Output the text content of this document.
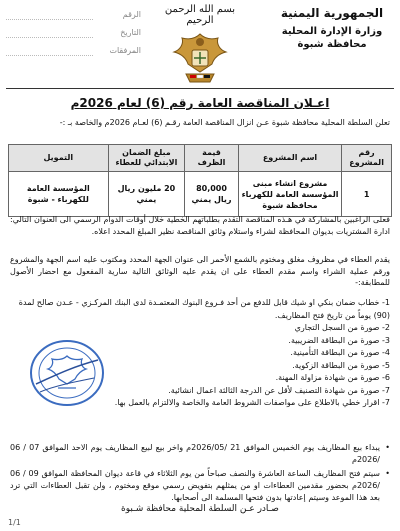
الجمهورية اليمنية
وزارة الإدارة المحلية
محافظة شبوة
بسم الله الرحمن الرحيم
الرقم
التاريخ
المرفقات
اعـلان المناقصة العامة رقم (6) لعام 2026م
تعلن السلطة المحلية محافظة شبوة عـن انزال المناقصة العامة رقـم (6) لعـام 2026م والخاصة بـ :-
رقم المشروع	اسم المشروع	قيمة الظرف	مبلغ الضمان الابتدائي للعطاء	التمويل
1	مشروع انشاء مبنى المؤسسة العامة للكهرباء محافظة شبوة	80,000 ريال يمني	20 مليون ريال يمني	المؤسسة العامة للكهرباء - شبوة
فعلى الراغبين بالمشاركة في هـذه المناقصة التقدم بطلباتهم الخطية خلال أوقات الدوام الرسمي الى العنوان التالي: ادارة المشتريات بديوان المحافظة لشراء واستلام وثائق المناقصة نظير المبلغ المحدد اعلاه.
يقدم العطاء في مظروف مغلق ومختوم بالشمع الأحمر الى عنوان الجهة المحدد ومكتوب عليه اسم الجهة والمشروع ورقم عملية الشراء واسم مقدم العطاء على ان يقدم عليه الوثائق التالية سارية المفعول مع احضار الأصول للمطابقة:-
1- خطاب ضمان بنكي او شيك قابل للدفع من أحد فـروع البنوك المعتمـدة لدى البنك المركـزي - عـدن صالح لمدة (90) يوماً من تاريخ فتح المظاريف.
2- صورة من السجل التجاري
3- صورة من البطاقة الضريبية.
4- صورة من البطاقة التأمينية.
5- صورة من البطاقة الزكوية.
6- صورة من شهادة مزاولة المهنة.
7- صورة من شهادة التصنيف لأقل عن الدرجة الثالثة اعمال انشائية.
7- اقرار خطي بالاطلاع على مواصفات الشروط العامة والخاصة والالتزام بالعمل بها.
• يبداء بيع المظاريف يوم الخميس الموافق 21 /2026/05م واخر بيع لبيع المظاريف يوم الاحد الموافق 07 / 06 /2026م
• سيتم فتح المظاريف الساعة العاشرة والنصف صباحاً من يوم الثلاثاء في قاعة ديوان المحافظة الموافق 09 / 06 /2026م بحضور مقدمين العطاءات او من يمثلهم بتفويض رسمي موقع ومختوم ، ولن تقبل العطاءات التي ترد بعد هذا الموعد وسيتم إعادتها بدون فتحها المسلمة الى أصحابها.
صـادر عـن السلطة المحلية محافظة شـبوة
1/1
